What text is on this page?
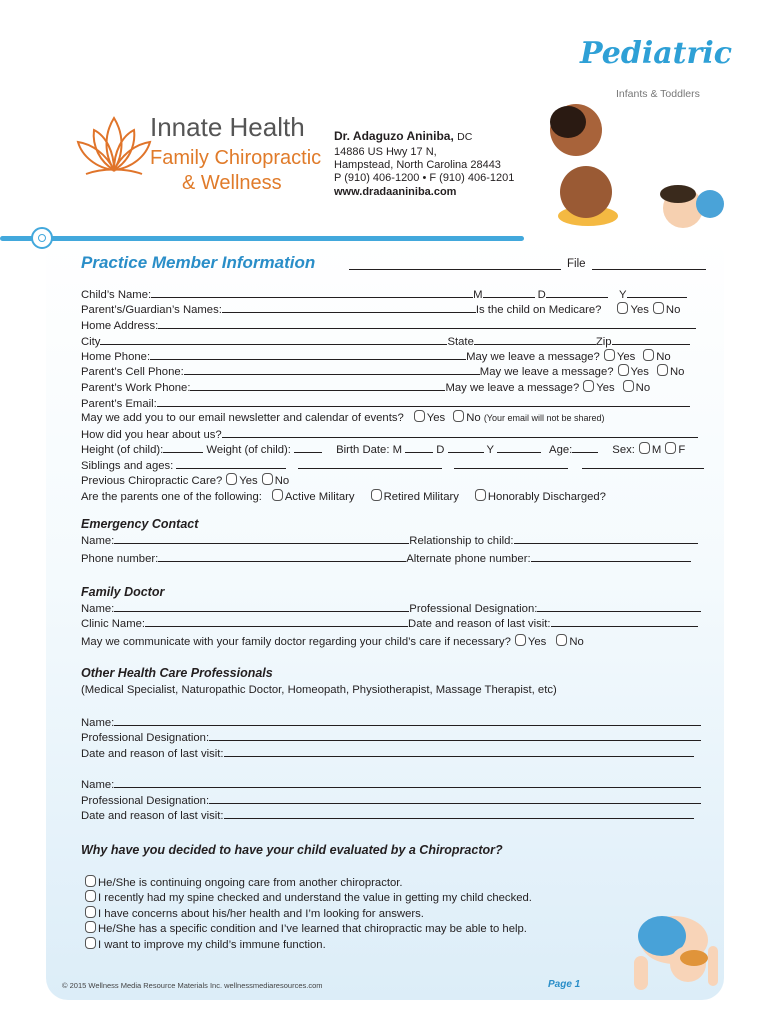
Pediatric
Infants & Toddlers
Innate Health
Family Chiropractic
& Wellness
Dr. Adaguzo Aniniba, DC
14886 US Hwy 17 N,
Hampstead, North Carolina 28443
P (910) 406-1200 • F (910) 406-1201
www.dradaaniniba.com
Practice Member Information	File
Child’s Name:	M	D	Y
Parent’s/Guardian’s Names:	Is the child on Medicare?	Yes No
Home Address:
City	State	Zip
Home Phone:	May we leave a message? Yes No
Parent’s Cell Phone:	May we leave a message? Yes No
Parent’s Work Phone:	May we leave a message? Yes No
Parent’s Email:
May we add you to our email newsletter and calendar of events? Yes No (Your email will not be shared)
How did you hear about us?
Height (of child):	Weight (of child):	Birth Date: M	D	Y	Age:	Sex: M F
Siblings and ages:
Previous Chiropractic Care? Yes No
Are the parents one of the following: Active Military	Retired Military	Honorably Discharged?
Emergency Contact
Name:	Relationship to child:
Phone number:	Alternate phone number:
Family Doctor
Name:	Professional Designation:
Clinic Name:	Date and reason of last visit:
May we communicate with your family doctor regarding your child’s care if necessary? Yes No
Other Health Care Professionals
(Medical Specialist, Naturopathic Doctor, Homeopath, Physiotherapist, Massage Therapist, etc)
Name:
Professional Designation:
Date and reason of last visit:
Name:
Professional Designation:
Date and reason of last visit:
Why have you decided to have your child evaluated by a Chiropractor?
He/She is continuing ongoing care from another chiropractor.
I recently had my spine checked and understand the value in getting my child checked.
I have concerns about his/her health and I’m looking for answers.
He/She has a specific condition and I’ve learned that chiropractic may be able to help.
I want to improve my child’s immune function.
© 2015 Wellness Media Resource Materials Inc. wellnessmediaresources.com	Page 1
